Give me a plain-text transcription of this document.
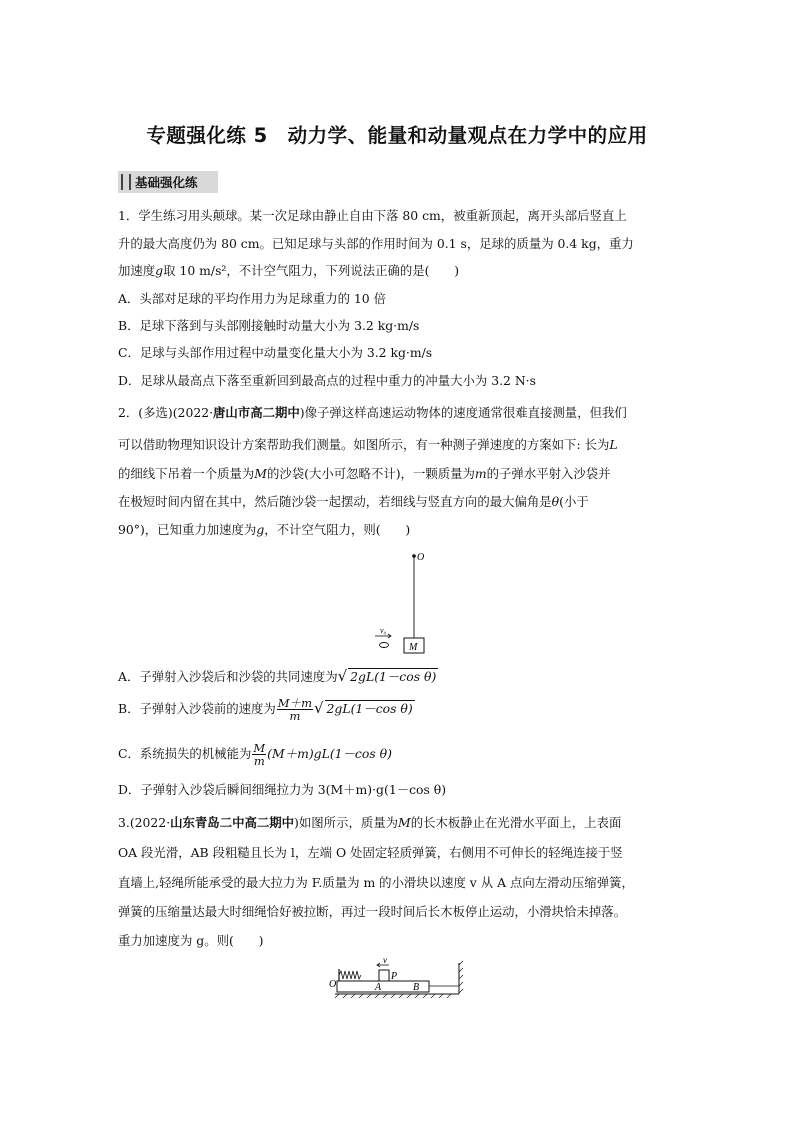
专题强化练 5　动力学、能量和动量观点在力学中的应用
基础强化练
1．学生练习用头颠球。某一次足球由静止自由下落 80 cm，被重新顶起，离开头部后竖直上
升的最大高度仍为 80 cm。已知足球与头部的作用时间为 0.1 s，足球的质量为 0.4 kg，重力
加速度g取 10 m/s²，不计空气阻力，下列说法正确的是(　　)
A．头部对足球的平均作用力为足球重力的 10 倍
B．足球下落到与头部刚接触时动量大小为 3.2 kg·m/s
C．足球与头部作用过程中动量变化量大小为 3.2 kg·m/s
D．足球从最高点下落至重新回到最高点的过程中重力的冲量大小为 3.2 N·s
2．(多选)(2022·唐山市高二期中)像子弹这样高速运动物体的速度通常很难直接测量，但我们
可以借助物理知识设计方案帮助我们测量。如图所示，有一种测子弹速度的方案如下: 长为L
的细线下吊着一个质量为M的沙袋(大小可忽略不计)，一颗质量为m的子弹水平射入沙袋并
在极短时间内留在其中，然后随沙袋一起摆动，若细线与竖直方向的最大偏角是θ(小于
90°)，已知重力加速度为g，不计空气阻力，则(　　)
O
v₀
M
A．子弹射入沙袋后和沙袋的共同速度为√ 2gL(1－cos θ)
B．子弹射入沙袋前的速度为 $\frac{M+m}{m}$ √ 2gL(1－cos θ)
C．系统损失的机械能为 $\frac{M}{m} (M+m)gL(1-\cos$ θ)
D．子弹射入沙袋后瞬间细绳拉力为 3(M＋m)·g(1－cos θ)
3.(2022·山东青岛二中高二期中)如图所示，质量为M的长木板静止在光滑水平面上，上表面
OA 段光滑，AB 段粗糙且长为 l，左端 O 处固定轻质弹簧，右侧用不可伸长的轻绳连接于竖
直墙上,轻绳所能承受的最大拉力为 F.质量为 m 的小滑块以速度 v 从 A 点向左滑动压缩弹簧，
弹簧的压缩量达最大时细绳恰好被拉断，再过一段时间后长木板停止运动，小滑块恰未掉落。
重力加速度为 g。则(　　)
v
P
O	A	B
